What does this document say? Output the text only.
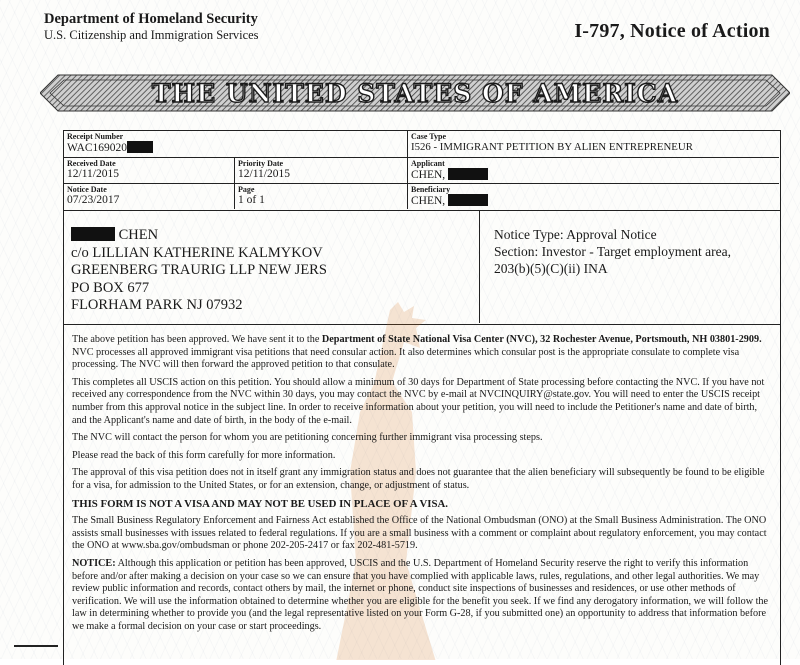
Department of Homeland Security
U.S. Citizenship and Immigration Services	I-797, Notice of Action
THE UNITED STATES OF AMERICA
Receipt Number
WAC169020
Case Type
I526 - IMMIGRANT PETITION BY ALIEN ENTREPRENEUR
Received Date
12/11/2015
Priority Date
12/11/2015
Applicant
CHEN,
Notice Date
07/23/2017
Page
1 of 1
Beneficiary
CHEN,
CHEN
c/o LILLIAN KATHERINE KALMYKOV
GREENBERG TRAURIG LLP NEW JERS
PO BOX 677
FLORHAM PARK NJ 07932
Notice Type: Approval Notice
Section: Investor - Target employment area,
203(b)(5)(C)(ii) INA

The above petition has been approved. We have sent it to the Department of State National Visa Center (NVC), 32 Rochester Avenue, Portsmouth, NH 03801-2909. NVC processes all approved immigrant visa petitions that need consular action. It also determines which consular post is the appropriate consulate to complete visa processing. The NVC will then forward the approved petition to that consulate.

This completes all USCIS action on this petition. You should allow a minimum of 30 days for Department of State processing before contacting the NVC. If you have not received any correspondence from the NVC within 30 days, you may contact the NVC by e-mail at NVCINQUIRY@state.gov. You will need to enter the USCIS receipt number from this approval notice in the subject line. In order to receive information about your petition, you will need to include the Petitioner's name and date of birth, and the Applicant's name and date of birth, in the body of the e-mail.

The NVC will contact the person for whom you are petitioning concerning further immigrant visa processing steps.

Please read the back of this form carefully for more information.

The approval of this visa petition does not in itself grant any immigration status and does not guarantee that the alien beneficiary will subsequently be found to be eligible for a visa, for admission to the United States, or for an extension, change, or adjustment of status.

THIS FORM IS NOT A VISA AND MAY NOT BE USED IN PLACE OF A VISA.

The Small Business Regulatory Enforcement and Fairness Act established the Office of the National Ombudsman (ONO) at the Small Business Administration. The ONO assists small businesses with issues related to federal regulations. If you are a small business with a comment or complaint about regulatory enforcement, you may contact the ONO at www.sba.gov/ombudsman or phone 202-205-2417 or fax 202-481-5719.

NOTICE: Although this application or petition has been approved, USCIS and the U.S. Department of Homeland Security reserve the right to verify this information before and/or after making a decision on your case so we can ensure that you have complied with applicable laws, rules, regulations, and other legal authorities. We may review public information and records, contact others by mail, the internet or phone, conduct site inspections of businesses and residences, or use other methods of verification. We will use the information obtained to determine whether you are eligible for the benefit you seek. If we find any derogatory information, we will follow the law in determining whether to provide you (and the legal representative listed on your Form G-28, if you submitted one) an opportunity to address that information before we make a formal decision on your case or start proceedings.
